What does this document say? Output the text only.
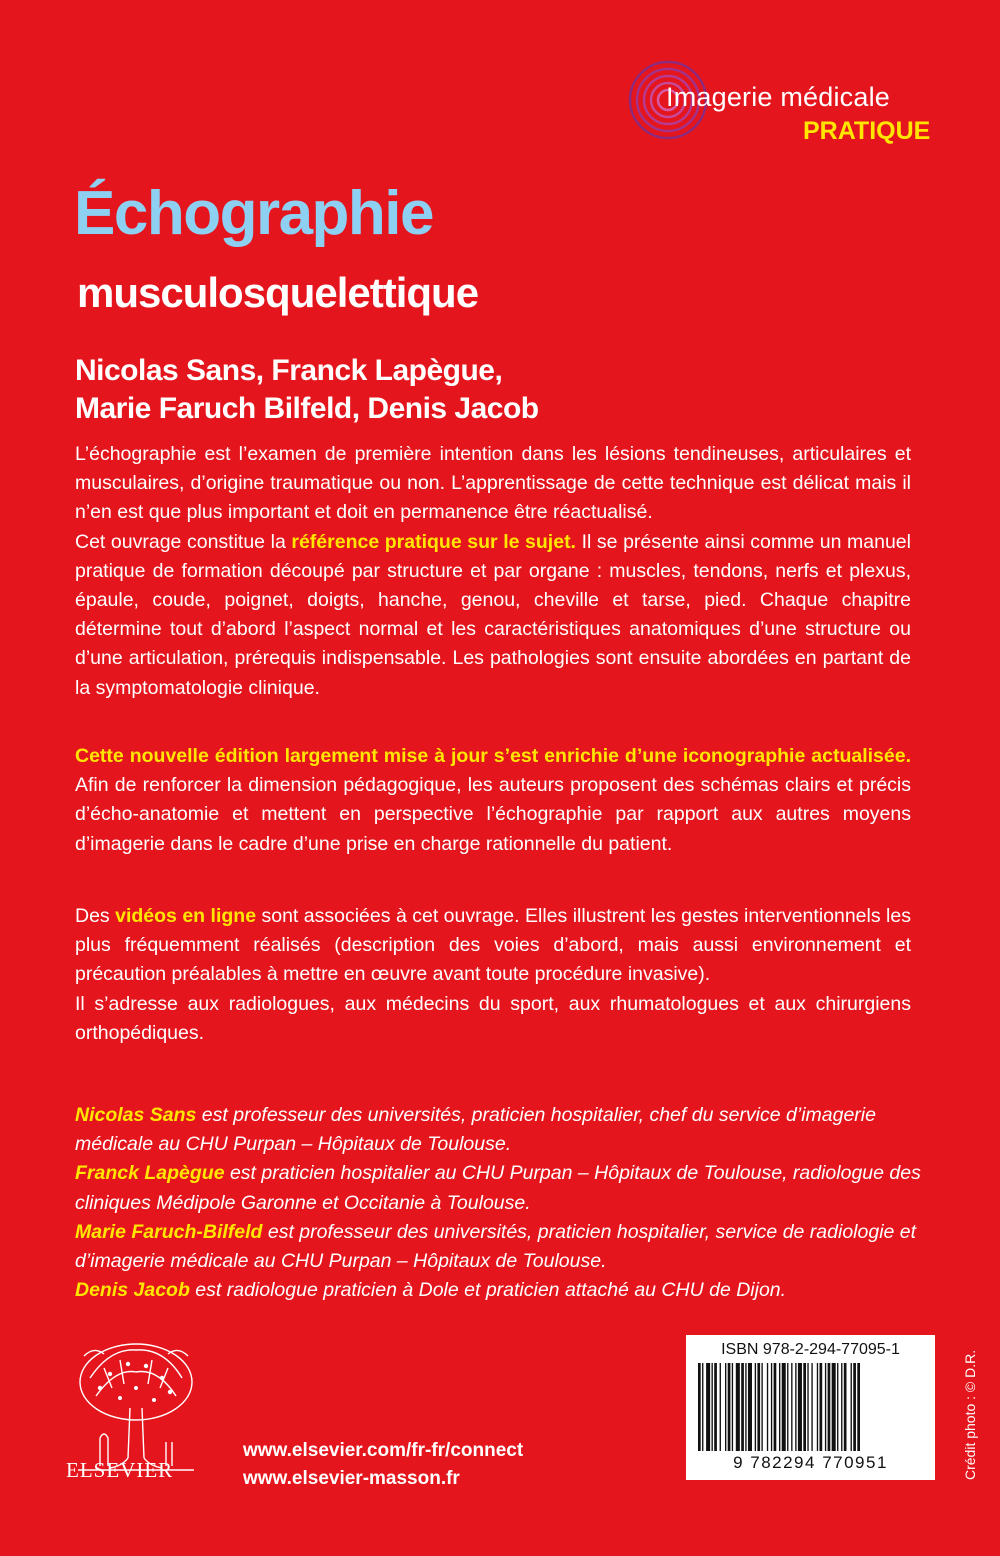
Imagerie médicale
PRATIQUE
Échographie
musculosquelettique
Nicolas Sans, Franck Lapègue,
Marie Faruch Bilfeld, Denis Jacob

L’échographie est l’examen de première intention dans les lésions tendineuses, articulaires et musculaires, d’origine traumatique ou non. L’apprentissage de cette technique est délicat mais il n’en est que plus important et doit en permanence être réactualisé.

Cet ouvrage constitue la référence pratique sur le sujet. Il se présente ainsi comme un manuel pratique de formation découpé par structure et par organe : muscles, tendons, nerfs et plexus, épaule, coude, poignet, doigts, hanche, genou, cheville et tarse, pied. Chaque chapitre détermine tout d’abord l’aspect normal et les caractéristiques anatomiques d’une structure ou d’une articulation, prérequis indispensable. Les pathologies sont ensuite abordées en partant de la symptomatologie clinique.

Cette nouvelle édition largement mise à jour s’est enrichie d’une iconographie actualisée. Afin de renforcer la dimension pédagogique, les auteurs proposent des schémas clairs et précis d’écho-anatomie et mettent en perspective l’échographie par rapport aux autres moyens d’imagerie dans le cadre d’une prise en charge rationnelle du patient.

Des vidéos en ligne sont associées à cet ouvrage. Elles illustrent les gestes interventionnels les plus fréquemment réalisés (description des voies d’abord, mais aussi environnement et précaution préalables à mettre en œuvre avant toute procédure invasive).

Il s’adresse aux radiologues, aux médecins du sport, aux rhumatologues et aux chirurgiens orthopédiques.

Nicolas Sans est professeur des universités, praticien hospitalier, chef du service d’imagerie médicale au CHU Purpan – Hôpitaux de Toulouse.

Franck Lapègue est praticien hospitalier au CHU Purpan – Hôpitaux de Toulouse, radiologue des cliniques Médipole Garonne et Occitanie à Toulouse.

Marie Faruch-Bilfeld est professeur des universités, praticien hospitalier, service de radiologie et d’imagerie médicale au CHU Purpan – Hôpitaux de Toulouse.

Denis Jacob est radiologue praticien à Dole et praticien attaché au CHU de Dijon.

ELSEVIER
www.elsevier.com/fr-fr/connect
www.elsevier-masson.fr
ISBN 978-2-294-77095-1
9 782294 770951	Crédit photo : © D.R.
